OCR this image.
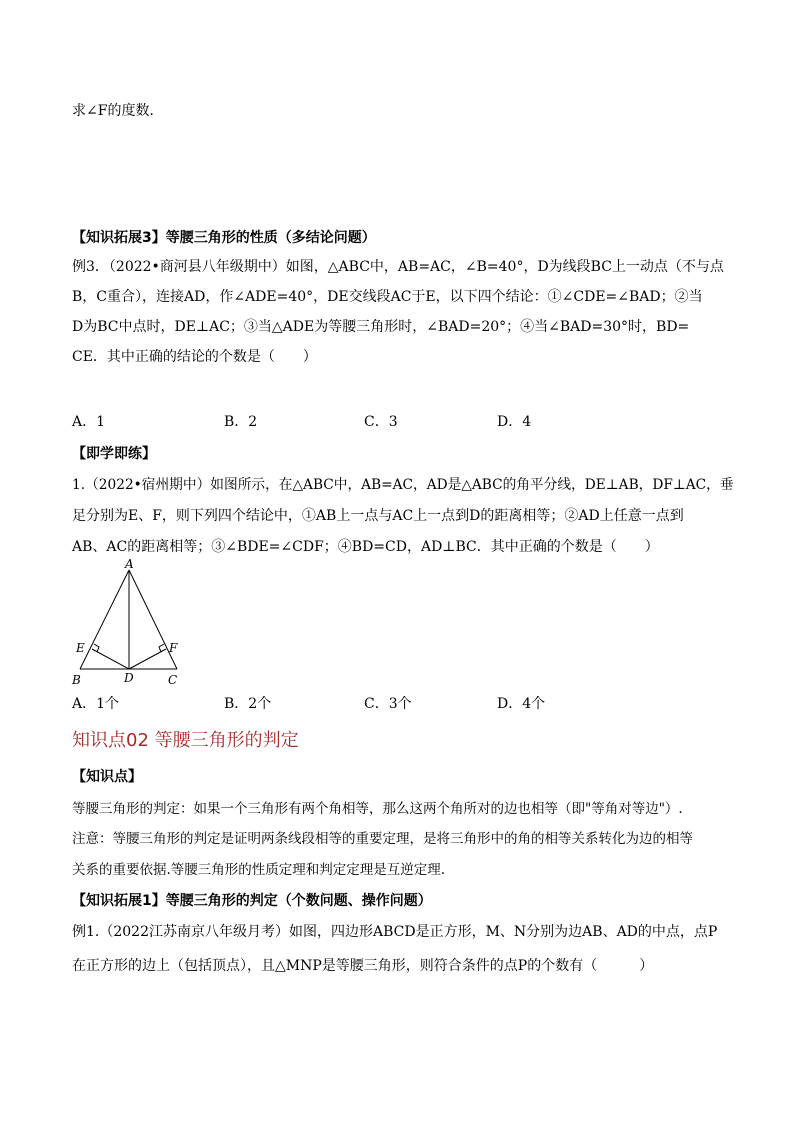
求∠F的度数．
【知识拓展3】等腰三角形的性质（多结论问题）
例3．（2022•商河县八年级期中）如图，△ABC中，AB=AC，∠B=40°，D为线段BC上一动点（不与点
B，C重合），连接AD，作∠ADE=40°，DE交线段AC于E，以下四个结论：①∠CDE=∠BAD；②当
D为BC中点时，DE⊥AC；③当△ADE为等腰三角形时，∠BAD=20°；④当∠BAD=30°时，BD=
CE．其中正确的结论的个数是（　　）
A．1	B．2	C．3	D．4
【即学即练】
1.（2022•宿州期中）如图所示，在△ABC中，AB=AC，AD是△ABC的角平分线，DE⊥AB，DF⊥AC，垂
足分别为E、F，则下列四个结论中，①AB上一点与AC上一点到D的距离相等；②AD上任意一点到
AB、AC的距离相等；③∠BDE=∠CDF；④BD=CD，AD⊥BC．其中正确的个数是（　　）
A
E	F
B	D	C
A．1个	B．2个	C．3个	D．4个
知识点02 等腰三角形的判定
【知识点】
等腰三角形的判定：如果一个三角形有两个角相等，那么这两个角所对的边也相等（即"等角对等边"）.
注意：等腰三角形的判定是证明两条线段相等的重要定理，是将三角形中的角的相等关系转化为边的相等
关系的重要依据.等腰三角形的性质定理和判定定理是互逆定理.
【知识拓展1】等腰三角形的判定（个数问题、操作问题）
例1.（2022江苏南京八年级月考）如图，四边形ABCD是正方形，M、N分别为边AB、AD的中点，点P
在正方形的边上（包括顶点），且△MNP是等腰三角形，则符合条件的点P的个数有（　　　）
